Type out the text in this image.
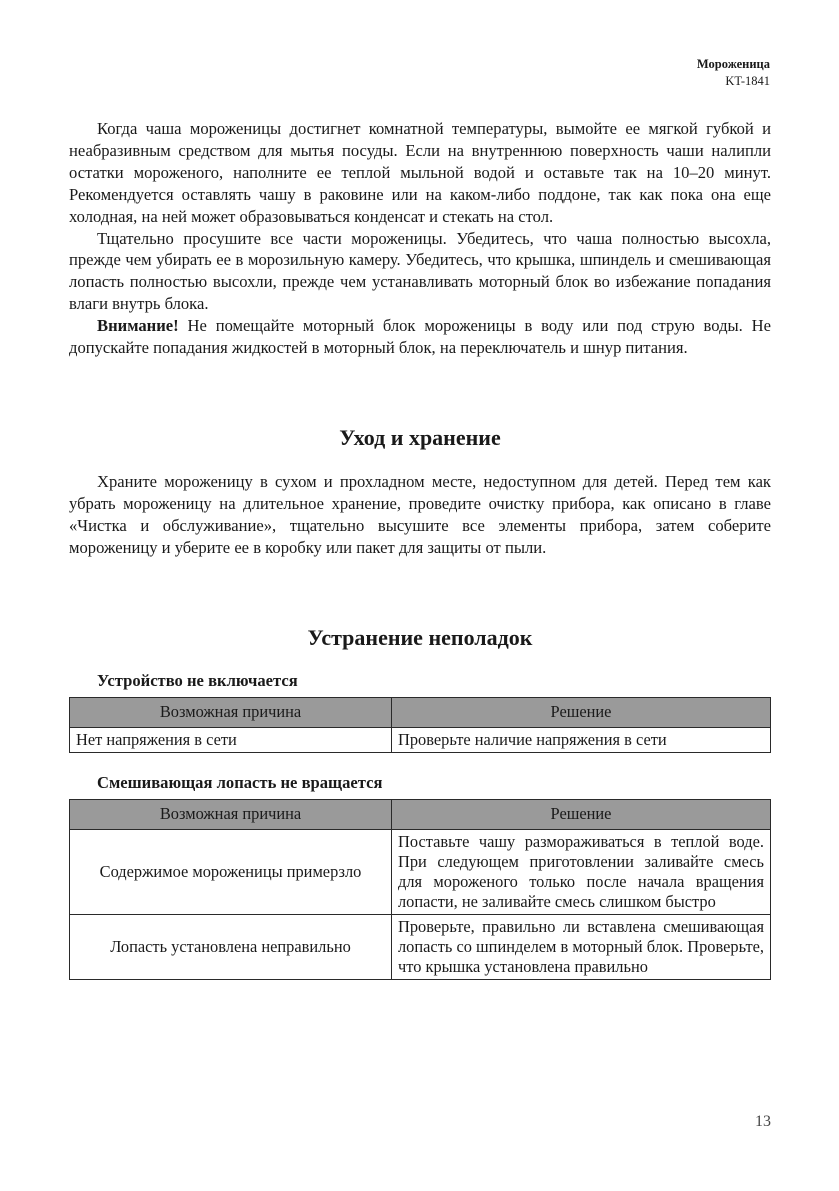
Мороженица
KT-1841

Когда чаша мороженицы достигнет комнатной температуры, вымойте ее мягкой губкой и неабразивным средством для мытья посуды. Если на внутреннюю поверхность чаши налипли остатки мороженого, наполните ее теплой мыльной водой и оставьте так на 10–20 минут. Рекомендуется оставлять чашу в раковине или на каком-либо поддоне, так как пока она еще холодная, на ней может образовываться конденсат и стекать на стол.

Тщательно просушите все части мороженицы. Убедитесь, что чаша полностью высохла, прежде чем убирать ее в морозильную камеру. Убедитесь, что крышка, шпиндель и смешивающая лопасть полностью высохли, прежде чем устанавливать моторный блок во избежание попадания влаги внутрь блока.

Внимание! Не помещайте моторный блок мороженицы в воду или под струю воды. Не допускайте попадания жидкостей в моторный блок, на переключатель и шнур питания.

Уход и хранение

Храните мороженицу в сухом и прохладном месте, недоступном для детей. Перед тем как убрать мороженицу на длительное хранение, проведите очистку прибора, как описано в главе «Чистка и обслуживание», тщательно высушите все элементы прибора, затем соберите мороженицу и уберите ее в коробку или пакет для защиты от пыли.

Устранение неполадок
Устройство не включается
Возможная причина	Решение
Нет напряжения в сети	Проверьте наличие напряжения в сети
Смешивающая лопасть не вращается
Возможная причина	Решение
Содержимое мороженицы примерзло	Поставьте чашу размораживаться в теплой воде. При следующем приготовлении заливайте смесь для мороженого только после начала вращения лопасти, не заливайте смесь слишком быстро
Лопасть установлена неправильно	Проверьте, правильно ли вставлена смешивающая лопасть со шпинделем в моторный блок. Проверьте, что крышка установлена правильно
13
